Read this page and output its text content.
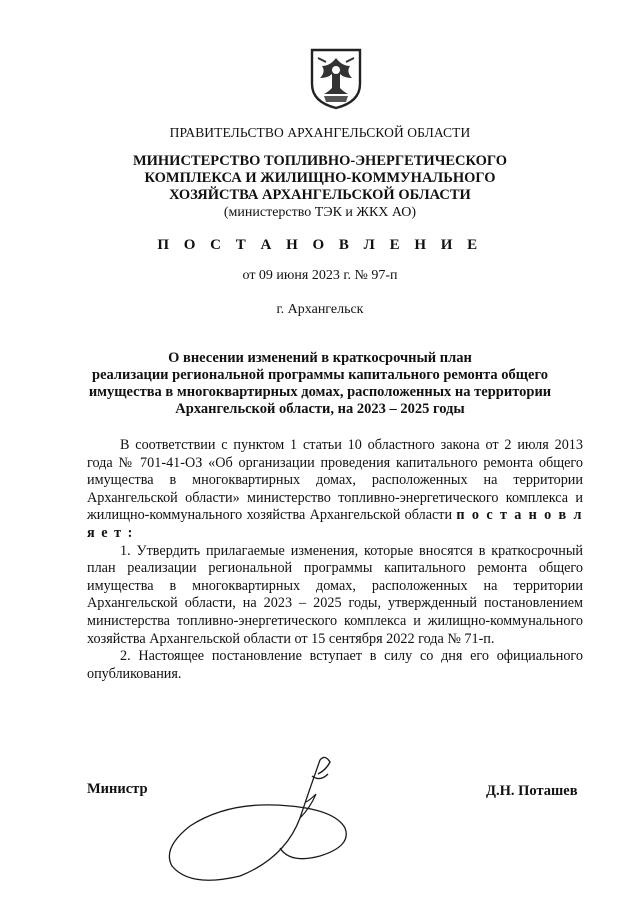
ПРАВИТЕЛЬСТВО АРХАНГЕЛЬСКОЙ ОБЛАСТИ
МИНИСТЕРСТВО ТОПЛИВНО-ЭНЕРГЕТИЧЕСКОГО
КОМПЛЕКСА И ЖИЛИЩНО-КОММУНАЛЬНОГО
ХОЗЯЙСТВА АРХАНГЕЛЬСКОЙ ОБЛАСТИ
(министерство ТЭК и ЖКХ АО)
П О С Т А Н О В Л Е Н И Е
от 09 июня 2023 г. № 97-п
г. Архангельск
О внесении изменений в краткосрочный план
реализации региональной программы капитального ремонта общего
имущества в многоквартирных домах, расположенных на территории
Архангельской области, на 2023 – 2025 годы

В соответствии с пунктом 1 статьи 10 областного закона от 2 июля 2013 года № 701-41-ОЗ «Об организации проведения капитального ремонта общего имущества в многоквартирных домах, расположенных на территории Архангельской области» министерство топливно-энергетического комплекса и жилищно-коммунального хозяйства Архангельской области п о с т а н о в л я е т :

1. Утвердить прилагаемые изменения, которые вносятся в краткосрочный план реализации региональной программы капитального ремонта общего имущества в многоквартирных домах, расположенных на территории Архангельской области, на 2023 – 2025 годы, утвержденный постановлением министерства топливно-энергетического комплекса и жилищно-коммунального хозяйства Архангельской области от 15 сентября 2022 года № 71-п.

2. Настоящее постановление вступает в силу со дня его официального опубликования.

Министр	Д.Н. Поташев
